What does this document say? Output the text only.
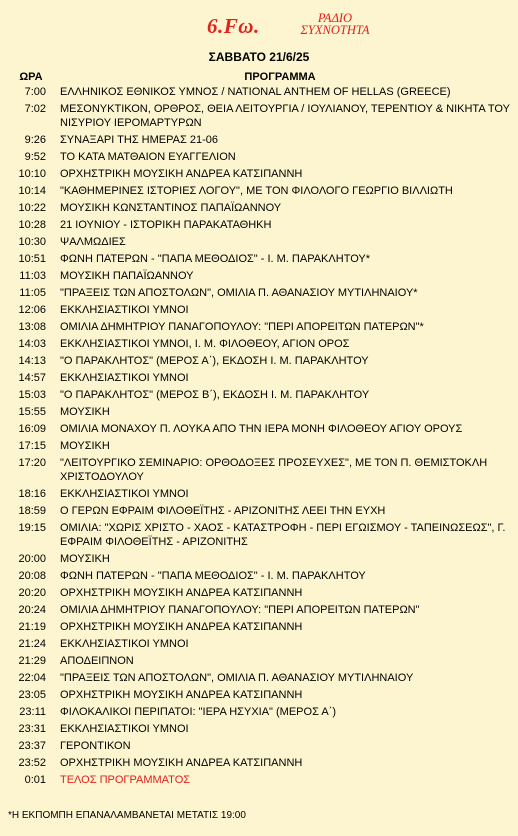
6.Fω.	ΡΑΔΙΟ
ΣΥΧΝΟΤΗΤΑ
ΣΑΒΒΑΤΟ 21/6/25
ΩΡΑ	ΠΡΟΓΡΑΜΜΑ
7:00 ΕΛΛΗΝΙΚΟΣ ΕΘΝΙΚΟΣ ΥΜΝΟΣ / NATIONAL ANTHEM OF HELLAS (GREECE)
7:02 ΜΕΣΟΝΥΚΤΙΚΟΝ, ΟΡΘΡΟΣ, ΘΕΙΑ ΛΕΙΤΟΥΡΓΙΑ / ΙΟΥΛΙΑΝΟΥ, ΤΕΡΕΝΤΙΟΥ & ΝΙΚΗΤΑ ΤΟΥ ΝΙΣΥΡΙΟΥ ΙΕΡΟΜΑΡΤΥΡΩΝ
9:26 ΣΥΝΑΞΑΡΙ ΤΗΣ ΗΜΕΡΑΣ 21-06
9:52 ΤΟ ΚΑΤΑ ΜΑΤΘΑΙΟΝ ΕΥΑΓΓΕΛΙΟΝ
10:10 ΟΡΧΗΣΤΡΙΚΗ ΜΟΥΣΙΚΗ ΑΝΔΡΕΑ ΚΑΤΣΙΠΑΝΝΗ
10:14 "ΚΑΘΗΜΕΡΙΝΕΣ ΙΣΤΟΡΙΕΣ ΛΟΓΟΥ", ΜΕ ΤΟΝ ΦΙΛΟΛΟΓΟ ΓΕΩΡΓΙΟ ΒΙΛΛΙΩΤΗ
10:22 ΜΟΥΣΙΚΗ ΚΩΝΣΤΑΝΤΙΝΟΣ ΠΑΠΑΪΩΑΝΝΟΥ
10:28 21 ΙΟΥΝΙΟΥ - ΙΣΤΟΡΙΚΗ ΠΑΡΑΚΑΤΑΘΗΚΗ
10:30 ΨΑΛΜΩΔΙΕΣ
10:51 ΦΩΝΗ ΠΑΤΕΡΩΝ - "ΠΑΠΑ ΜΕΘΟΔΙΟΣ" - Ι. Μ. ΠΑΡΑΚΛΗΤΟΥ*
11:03 ΜΟΥΣΙΚΗ ΠΑΠΑΪΩΑΝΝΟΥ
11:05 "ΠΡΑΞΕΙΣ ΤΩΝ ΑΠΟΣΤΟΛΩΝ", ΟΜΙΛΙΑ Π. ΑΘΑΝΑΣΙΟΥ ΜΥΤΙΛΗΝΑΙΟΥ*
12:06 ΕΚΚΛΗΣΙΑΣΤΙΚΟΙ ΥΜΝΟΙ
13:08 ΟΜΙΛΙΑ ΔΗΜΗΤΡΙΟΥ ΠΑΝΑΓΟΠΟΥΛΟΥ: "ΠΕΡΙ ΑΠΟΡΕΙΤΩΝ ΠΑΤΕΡΩΝ"*
14:03 ΕΚΚΛΗΣΙΑΣΤΙΚΟΙ ΥΜΝΟΙ, Ι. Μ. ΦΙΛΟΘΕΟΥ, ΑΓΙΟΝ ΟΡΟΣ
14:13 "Ο ΠΑΡΑΚΛΗΤΟΣ" (ΜΕΡΟΣ Α΄), ΕΚΔΟΣΗ Ι. Μ. ΠΑΡΑΚΛΗΤΟΥ
14:57 ΕΚΚΛΗΣΙΑΣΤΙΚΟΙ ΥΜΝΟΙ
15:03 "Ο ΠΑΡΑΚΛΗΤΟΣ" (ΜΕΡΟΣ Β΄), ΕΚΔΟΣΗ Ι. Μ. ΠΑΡΑΚΛΗΤΟΥ
15:55 ΜΟΥΣΙΚΗ
16:09 ΟΜΙΛΙΑ ΜΟΝΑΧΟΥ Π. ΛΟΥΚΑ ΑΠΟ ΤΗΝ ΙΕΡΑ ΜΟΝΗ ΦΙΛΟΘΕΟΥ ΑΓΙΟΥ ΟΡΟΥΣ
17:15 ΜΟΥΣΙΚΗ
17:20 "ΛΕΙΤΟΥΡΓΙΚΟ ΣΕΜΙΝΑΡΙΟ: ΟΡΘΟΔΟΞΕΣ ΠΡΟΣΕΥΧΕΣ", ΜΕ ΤΟΝ Π. ΘΕΜΙΣΤΟΚΛΗ ΧΡΙΣΤΟΔΟΥΛΟΥ
18:16 ΕΚΚΛΗΣΙΑΣΤΙΚΟΙ ΥΜΝΟΙ
18:59 Ο ΓΕΡΩΝ ΕΦΡΑΙΜ ΦΙΛΟΘΕΪΤΗΣ - ΑΡΙΖΟΝΙΤΗΣ ΛΕΕΙ ΤΗΝ ΕΥΧΗ
19:15 ΟΜΙΛΙΑ: "ΧΩΡΙΣ ΧΡΙΣΤΟ - ΧΑΟΣ - ΚΑΤΑΣΤΡΟΦΗ - ΠΕΡΙ ΕΓΩΙΣΜΟΥ - ΤΑΠΕΙΝΩΣΕΩΣ", Γ. ΕΦΡΑΙΜ ΦΙΛΟΘΕΪΤΗΣ - ΑΡΙΖΟΝΙΤΗΣ
20:00 ΜΟΥΣΙΚΗ
20:08 ΦΩΝΗ ΠΑΤΕΡΩΝ - "ΠΑΠΑ ΜΕΘΟΔΙΟΣ" - Ι. Μ. ΠΑΡΑΚΛΗΤΟΥ
20:20 ΟΡΧΗΣΤΡΙΚΗ ΜΟΥΣΙΚΗ ΑΝΔΡΕΑ ΚΑΤΣΙΠΑΝΝΗ
20:24 ΟΜΙΛΙΑ ΔΗΜΗΤΡΙΟΥ ΠΑΝΑΓΟΠΟΥΛΟΥ: "ΠΕΡΙ ΑΠΟΡΕΙΤΩΝ ΠΑΤΕΡΩΝ"
21:19 ΟΡΧΗΣΤΡΙΚΗ ΜΟΥΣΙΚΗ ΑΝΔΡΕΑ ΚΑΤΣΙΠΑΝΝΗ
21:24 ΕΚΚΛΗΣΙΑΣΤΙΚΟΙ ΥΜΝΟΙ
21:29 ΑΠΟΔΕΙΠΝΟΝ
22:04 "ΠΡΑΞΕΙΣ ΤΩΝ ΑΠΟΣΤΟΛΩΝ", ΟΜΙΛΙΑ Π. ΑΘΑΝΑΣΙΟΥ ΜΥΤΙΛΗΝΑΙΟΥ
23:05 ΟΡΧΗΣΤΡΙΚΗ ΜΟΥΣΙΚΗ ΑΝΔΡΕΑ ΚΑΤΣΙΠΑΝΝΗ
23:11 ΦΙΛΟΚΑΛΙΚΟΙ ΠΕΡΙΠΑΤΟΙ: "ΙΕΡΑ ΗΣΥΧΙΑ" (ΜΕΡΟΣ Α΄)
23:31 ΕΚΚΛΗΣΙΑΣΤΙΚΟΙ ΥΜΝΟΙ
23:37 ΓΕΡΟΝΤΙΚΟΝ
23:52 ΟΡΧΗΣΤΡΙΚΗ ΜΟΥΣΙΚΗ ΑΝΔΡΕΑ ΚΑΤΣΙΠΑΝΝΗ
0:01 ΤΕΛΟΣ ΠΡΟΓΡΑΜΜΑΤΟΣ
*Η ΕΚΠΟΜΠΗ ΕΠΑΝΑΛΑΜΒΑΝΕΤΑΙ ΜΕΤΑΤΙΣ 19:00
